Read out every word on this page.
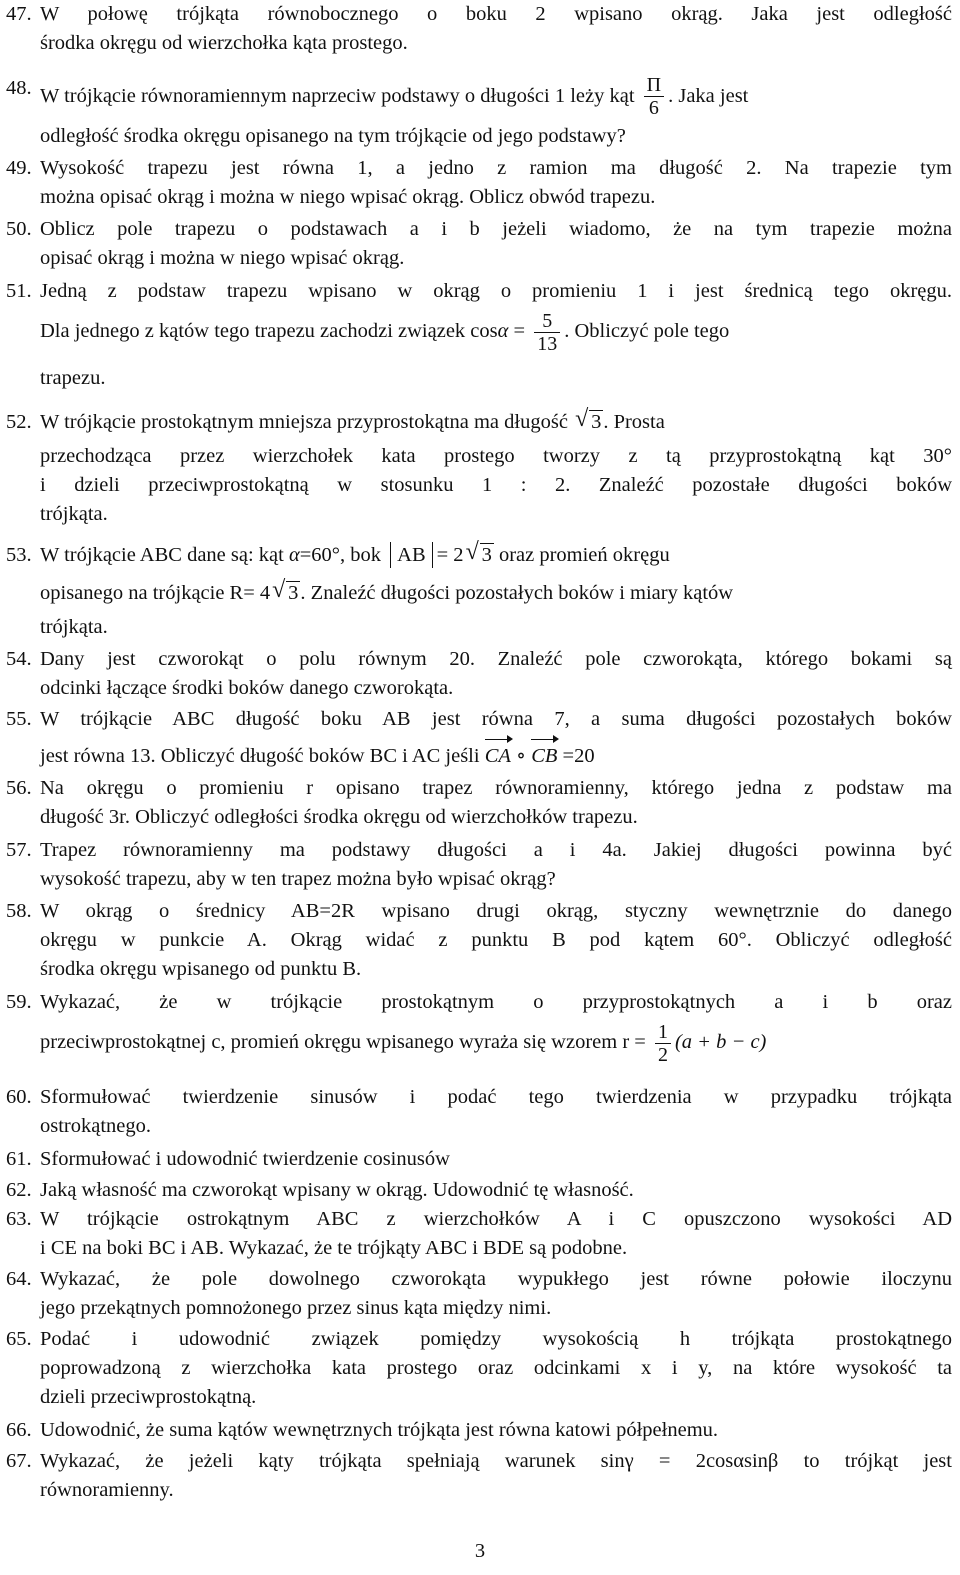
47. W połowę trójkąta równobocznego o boku 2 wpisano okrąg. Jaka jest odległość
środka okręgu od wierzchołka kąta prostego.
48. W trójkącie równoramiennym naprzeciw podstawy o długości 1 leży kąt $\frac{\Pi}{6}$ . Jaka jest
odległość środka okręgu opisanego na tym trójkącie od jego podstawy?
49. Wysokość trapezu jest równa 1, a jedno z ramion ma długość 2. Na trapezie tym
można opisać okrąg i można w niego wpisać okrąg. Oblicz obwód trapezu.
50. Oblicz pole trapezu o podstawach a i b jeżeli wiadomo, że na tym trapezie można
opisać okrąg i można w niego wpisać okrąg.
51. Jedną z podstaw trapezu wpisano w okrąg o promieniu 1 i jest średnicą tego okręgu.
Dla jednego z kątów tego trapezu zachodzi związek $\cos\alpha = \frac{5}{13}$ . Obliczyć pole tego
trapezu.
52. W trójkącie prostokątnym mniejsza przyprostokątna ma długość √ 3. Prosta
przechodząca przez wierzchołek kata prostego tworzy z tą przyprostokątną kąt 30°
i dzieli przeciwprostokątną w stosunku 1 : 2. Znaleźć pozostałe długości boków
trójkąta.
53. W trójkącie ABC dane są: kąt α=60°, bok AB = 2 √ 3 oraz promień okręgu
opisanego na trójkącie R= 4 √ 3. Znaleźć długości pozostałych boków i miary kątów
trójkąta.
54. Dany jest czworokąt o polu równym 20. Znaleźć pole czworokąta, którego bokami są
odcinki łączące środki boków danego czworokąta.
55. W trójkącie ABC długość boku AB jest równa 7, a suma długości pozostałych boków
jest równa 13. Obliczyć długość boków BC i AC jeśli CA ∘ CB =20
56. Na okręgu o promieniu r opisano trapez równoramienny, którego jedna z podstaw ma
długość 3r. Obliczyć odległości środka okręgu od wierzchołków trapezu.
57. Trapez równoramienny ma podstawy długości a i 4a. Jakiej długości powinna być
wysokość trapezu, aby w ten trapez można było wpisać okrąg?
58. W okrąg o średnicy AB=2R wpisano drugi okrąg, styczny wewnętrznie do danego
okręgu w punkcie A. Okrąg widać z punktu B pod kątem 60°. Obliczyć odległość
środka okręgu wpisanego od punktu B.
59. Wykazać, że w trójkącie prostokątnym o przyprostokątnych a i b oraz
przeciwprostokątnej c, promień okręgu wpisanego wyraża się wzorem $r = \frac{1}{2} (a + b - c)$
60. Sformułować twierdzenie sinusów i podać tego twierdzenia w przypadku trójkąta
ostrokątnego.
61. Sformułować i udowodnić twierdzenie cosinusów
62. Jaką własność ma czworokąt wpisany w okrąg. Udowodnić tę własność.
63. W trójkącie ostrokątnym ABC z wierzchołków A i C opuszczono wysokości AD
i CE na boki BC i AB. Wykazać, że te trójkąty ABC i BDE są podobne.
64. Wykazać, że pole dowolnego czworokąta wypukłego jest równe połowie iloczynu
jego przekątnych pomnożonego przez sinus kąta między nimi.
65. Podać i udowodnić związek pomiędzy wysokością h trójkąta prostokątnego
poprowadzoną z wierzchołka kata prostego oraz odcinkami x i y, na które wysokość ta
dzieli przeciwprostokątną.
66. Udowodnić, że suma kątów wewnętrznych trójkąta jest równa katowi półpełnemu.
67. Wykazać, że jeżeli kąty trójkąta spełniają warunek sinγ = 2cosαsinβ to trójkąt jest
równoramienny.
3
